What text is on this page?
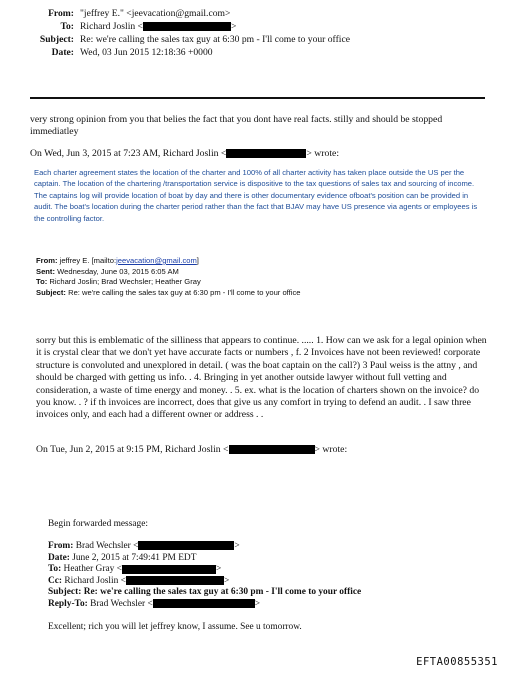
From: "jeffrey E." <jeevacation@gmail.com>
To: Richard Joslin <	>
Subject: Re: we're calling the sales tax guy at 6:30 pm - I'll come to your office
Date: Wed, 03 Jun 2015 12:18:36 +0000
very strong opinion from you that belies the fact that you dont have real facts. stilly and should be stopped immediatley
On Wed, Jun 3, 2015 at 7:23 AM, Richard Joslin <	> wrote:
Each charter agreement states the location of the charter and 100% of all charter activity has taken place outside the US per the captain. The location of the chartering /transportation service is dispositive to the tax questions of sales tax and sourcing of income. The captains log will provide location of boat by day and there is other documentary evidence ofboat's position can be provided in audit. The boat's location during the charter period rather than the fact that BJAV may have US presence via agents or employees is the controlling factor.
From: jeffrey E. [mailto:jeevacation@gmail.com]
Sent: Wednesday, June 03, 2015 6:05 AM
To: Richard Joslin; Brad Wechsler; Heather Gray
Subject: Re: we're calling the sales tax guy at 6:30 pm - I'll come to your office
sorry but this is emblematic of the silliness that appears to continue. ..... 1. How can we ask for a legal opinion when it is crystal clear that we don't yet have accurate facts or numbers , f. 2 Invoices have not been reviewed! corporate structure is convoluted and unexplored in detail. ( was the boat captain on the call?) 3 Paul weiss is the attny , and should be charged with getting us info. . 4. Bringing in yet another outside lawyer without full vetting and consideration, a waste of time energy and money. . 5. ex. what is the location of charters shown on the invoice? do you know. . ? if th invoices are incorrect, does that give us any comfort in trying to defend an audit. . I saw three invoices only, and each had a different owner or address . .
On Tue, Jun 2, 2015 at 9:15 PM, Richard Joslin <	> wrote:
Begin forwarded message:
From: Brad Wechsler <	>
Date: June 2, 2015 at 7:49:41 PM EDT
To: Heather Gray <	>
Cc: Richard Joslin <	>
Subject: Re: we're calling the sales tax guy at 6:30 pm - I'll come to your office
Reply-To: Brad Wechsler <	>
Excellent; rich you will let jeffrey know, I assume. See u tomorrow.
EFTA00855351
